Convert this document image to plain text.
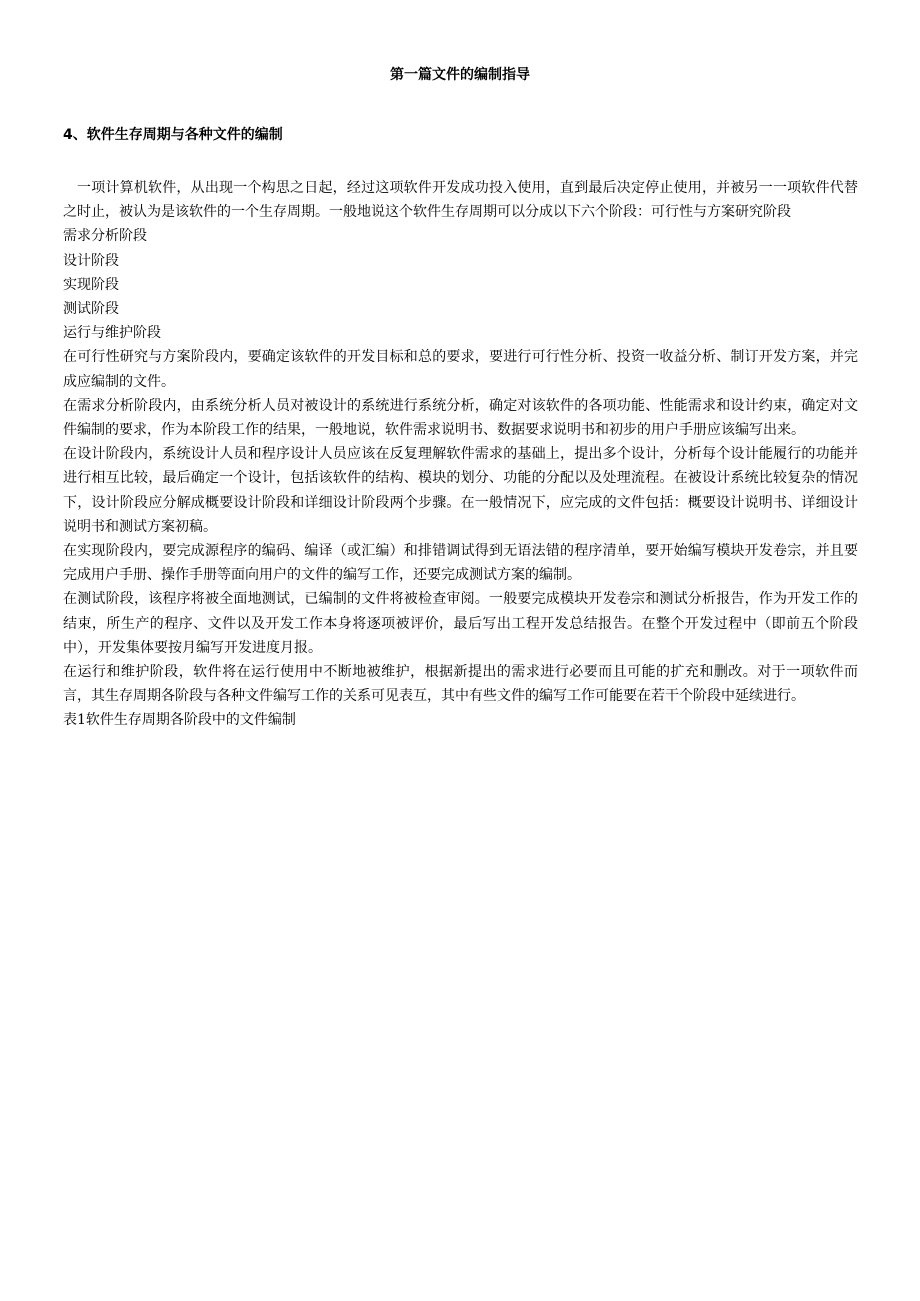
第一篇文件的编制指导
4、软件生存周期与各种文件的编制

一项计算机软件，从出现一个构思之日起，经过这项软件开发成功投入使用，直到最后决定停止使用，并被另一一项软件代替之时止，被认为是该软件的一个生存周期。一般地说这个软件生存周期可以分成以下六个阶段：可行性与方案研究阶段

需求分析阶段

设计阶段

实现阶段

测试阶段

运行与维护阶段

在可行性研究与方案阶段内，要确定该软件的开发目标和总的要求，要进行可行性分析、投资一收益分析、制订开发方案，并完成应编制的文件。

在需求分析阶段内，由系统分析人员对被设计的系统进行系统分析，确定对该软件的各项功能、性能需求和设计约束，确定对文件编制的要求，作为本阶段工作的结果，一般地说，软件需求说明书、数据要求说明书和初步的用户手册应该编写出来。

在设计阶段内，系统设计人员和程序设计人员应该在反复理解软件需求的基础上，提出多个设计，分析每个设计能履行的功能并进行相互比较，最后确定一个设计，包括该软件的结构、模块的划分、功能的分配以及处理流程。在被设计系统比较复杂的情况下，设计阶段应分解成概要设计阶段和详细设计阶段两个步骤。在一般情况下，应完成的文件包括：概要设计说明书、详细设计说明书和测试方案初稿。

在实现阶段内，要完成源程序的编码、编译（或汇编）和排错调试得到无语法错的程序清单，要开始编写模块开发卷宗，并且要完成用户手册、操作手册等面向用户的文件的编写工作，还要完成测试方案的编制。

在测试阶段，该程序将被全面地测试，已编制的文件将被检查审阅。一般要完成模块开发卷宗和测试分析报告，作为开发工作的结束，所生产的程序、文件以及开发工作本身将逐项被评价，最后写出工程开发总结报告。在整个开发过程中（即前五个阶段中），开发集体要按月编写开发进度月报。

在运行和维护阶段，软件将在运行使用中不断地被维护，根据新提出的需求进行必要而且可能的扩充和删改。对于一项软件而言，其生存周期各阶段与各种文件编写工作的关系可见表互，其中有些文件的编写工作可能要在若干个阶段中延续进行。

表1软件生存周期各阶段中的文件编制
